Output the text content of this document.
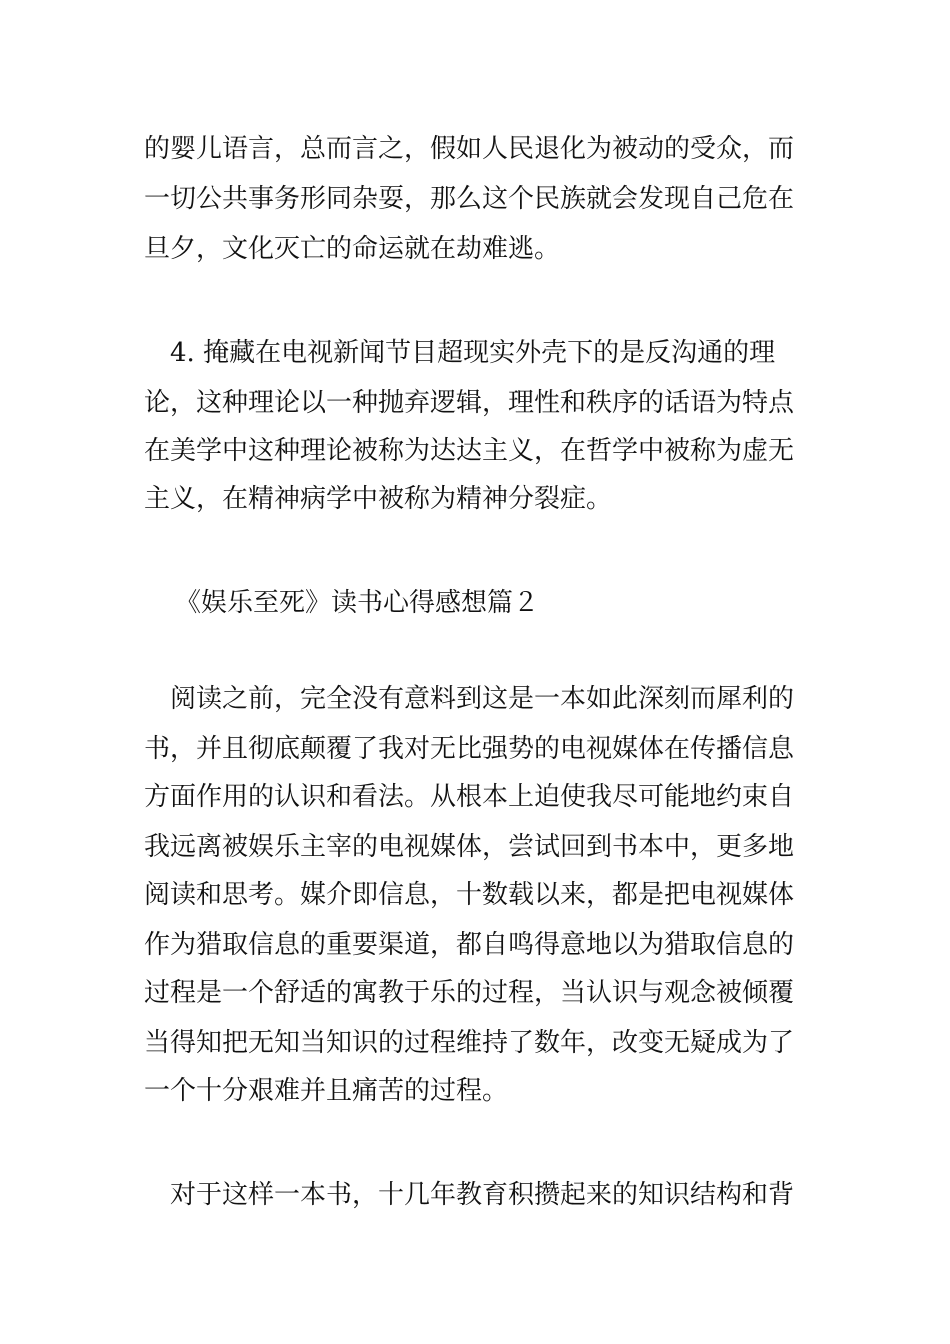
的婴儿语言，总而言之，假如人民退化为被动的受众，而

一切公共事务形同杂耍，那么这个民族就会发现自己危在

旦夕，文化灭亡的命运就在劫难逃。

　4. 掩藏在电视新闻节目超现实外壳下的是反沟通的理

论，这种理论以一种抛弃逻辑，理性和秩序的话语为特点

在美学中这种理论被称为达达主义，在哲学中被称为虚无

主义，在精神病学中被称为精神分裂症。

《娱乐至死》读书心得感想篇２

　阅读之前，完全没有意料到这是一本如此深刻而犀利的

书，并且彻底颠覆了我对无比强势的电视媒体在传播信息

方面作用的认识和看法。从根本上迫使我尽可能地约束自

我远离被娱乐主宰的电视媒体，尝试回到书本中，更多地

阅读和思考。媒介即信息，十数载以来，都是把电视媒体

作为猎取信息的重要渠道，都自鸣得意地以为猎取信息的

过程是一个舒适的寓教于乐的过程，当认识与观念被倾覆

当得知把无知当知识的过程维持了数年，改变无疑成为了

一个十分艰难并且痛苦的过程。

　对于这样一本书，十几年教育积攒起来的知识结构和背
